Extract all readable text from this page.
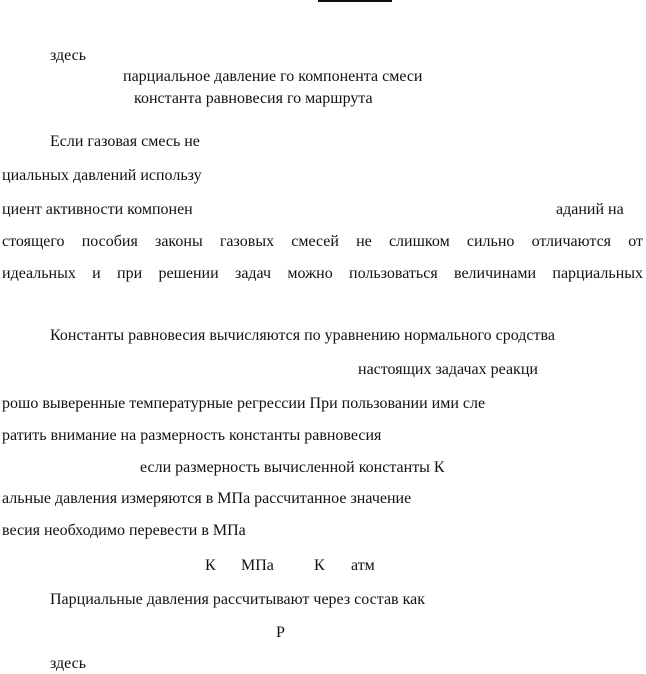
здесь
парциальное давление го компонента смеси
константа равновесия го маршрута
Если газовая смесь не
циальных давлений использу
циент активности компонен	аданий на
стоящего пособия законы газовых смесей не слишком сильно отличаются от
идеальных и при решении задач можно пользоваться величинами парциальных
Константы равновесия вычисляются по уравнению нормального сродства
настоящих задачах реакци
рошо выверенные температурные регрессии При пользовании ими сле
ратить внимание на размерность константы равновесия
если размерность вычисленной константы К
альные давления измеряются в МПа рассчитанное значение
весия необходимо перевести в МПа
К МПа	К атм
Парциальные давления рассчитывают через состав как
Р
здесь
